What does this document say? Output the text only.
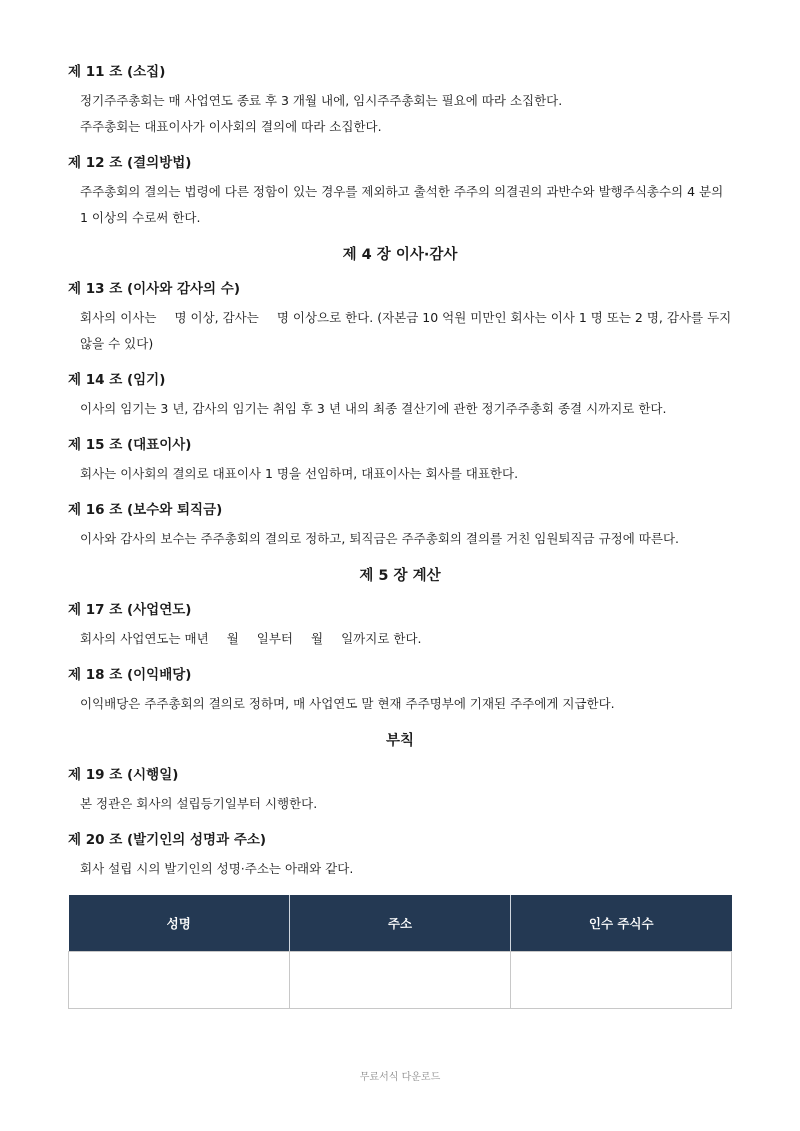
제 11 조 (소집)

정기주주총회는 매 사업연도 종료 후 3 개월 내에, 임시주주총회는 필요에 따라 소집한다.

주주총회는 대표이사가 이사회의 결의에 따라 소집한다.

제 12 조 (결의방법)

주주총회의 결의는 법령에 다른 정함이 있는 경우를 제외하고 출석한 주주의 의결권의 과반수와 발행주식총수의 4 분의 1 이상의 수로써 한다.

제 4 장 이사·감사
제 13 조 (이사와 감사의 수)

회사의 이사는 명 이상, 감사는 명 이상으로 한다. (자본금 10 억원 미만인 회사는 이사 1 명 또는 2 명, 감사를 두지 않을 수 있다)

제 14 조 (임기)

이사의 임기는 3 년, 감사의 임기는 취임 후 3 년 내의 최종 결산기에 관한 정기주주총회 종결 시까지로 한다.

제 15 조 (대표이사)

회사는 이사회의 결의로 대표이사 1 명을 선임하며, 대표이사는 회사를 대표한다.

제 16 조 (보수와 퇴직금)

이사와 감사의 보수는 주주총회의 결의로 정하고, 퇴직금은 주주총회의 결의를 거친 임원퇴직금 규정에 따른다.

제 5 장 계산
제 17 조 (사업연도)

회사의 사업연도는 매년 월 일부터 월 일까지로 한다.

제 18 조 (이익배당)

이익배당은 주주총회의 결의로 정하며, 매 사업연도 말 현재 주주명부에 기재된 주주에게 지급한다.

부칙
제 19 조 (시행일)

본 정관은 회사의 설립등기일부터 시행한다.

제 20 조 (발기인의 성명과 주소)

회사 설립 시의 발기인의 성명·주소는 아래와 같다.

성명	주소	인수 주식수

무료서식 다운로드
